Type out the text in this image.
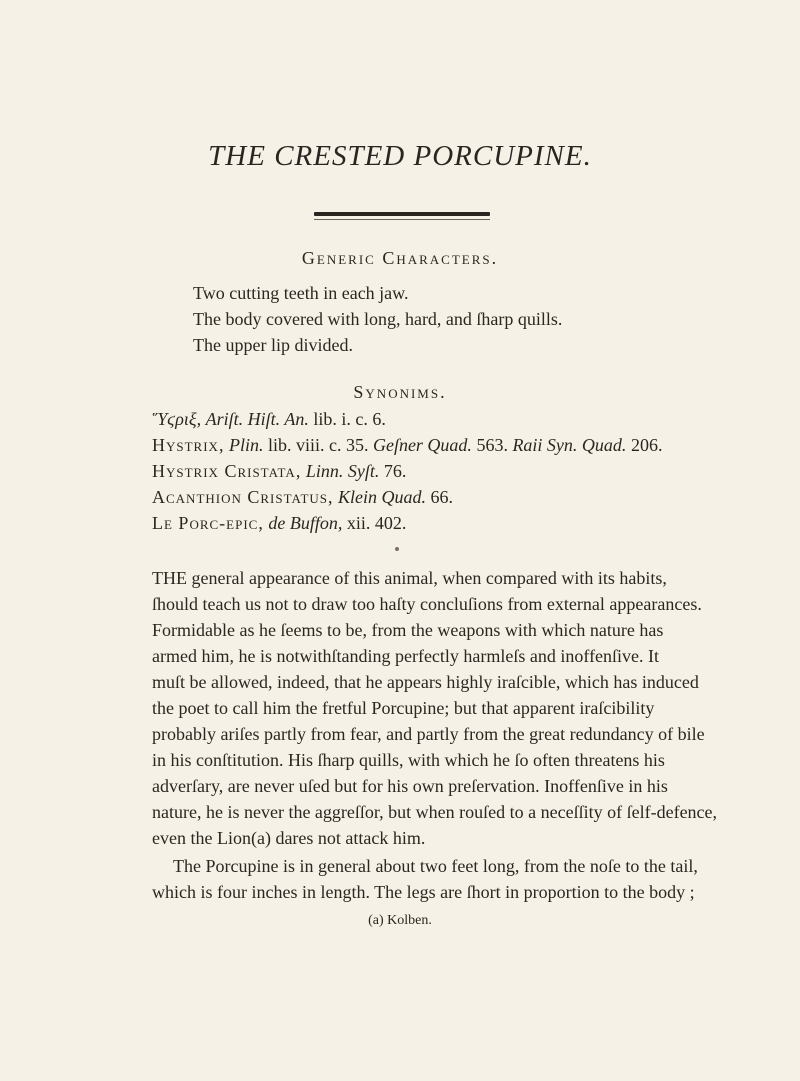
THE CRESTED PORCUPINE.
Generic Characters.
Two cutting teeth in each jaw.
The body covered with long, hard, and ſharp quills.
The upper lip divided.
Synonims.
Ὕϛριξ, Ariſt. Hiſt. An. lib. i. c. 6.
Hystrix, Plin. lib. viii. c. 35. Geſner Quad. 563. Raii Syn. Quad. 206.
Hystrix Cristata, Linn. Syſt. 76.
Acanthion Cristatus, Klein Quad. 66.
Le Porc-epic, de Buffon, xii. 402.
THE general appearance of this animal, when compared with its habits,
ſhould teach us not to draw too haſty concluſions from external appearances.
Formidable as he ſeems to be, from the weapons with which nature has
armed him, he is notwithſtanding perfectly harmleſs and inoffenſive. It
muſt be allowed, indeed, that he appears highly iraſcible, which has induced
the poet to call him the fretful Porcupine; but that apparent iraſcibility
probably ariſes partly from fear, and partly from the great redundancy of bile
in his conſtitution. His ſharp quills, with which he ſo often threatens his
adverſary, are never uſed but for his own preſervation. Inoffenſive in his
nature, he is never the aggreſſor, but when rouſed to a neceſſity of ſelf-defence,
even the Lion(a) dares not attack him.
The Porcupine is in general about two feet long, from the noſe to the tail,
which is four inches in length. The legs are ſhort in proportion to the body ;
(a) Kolben.
